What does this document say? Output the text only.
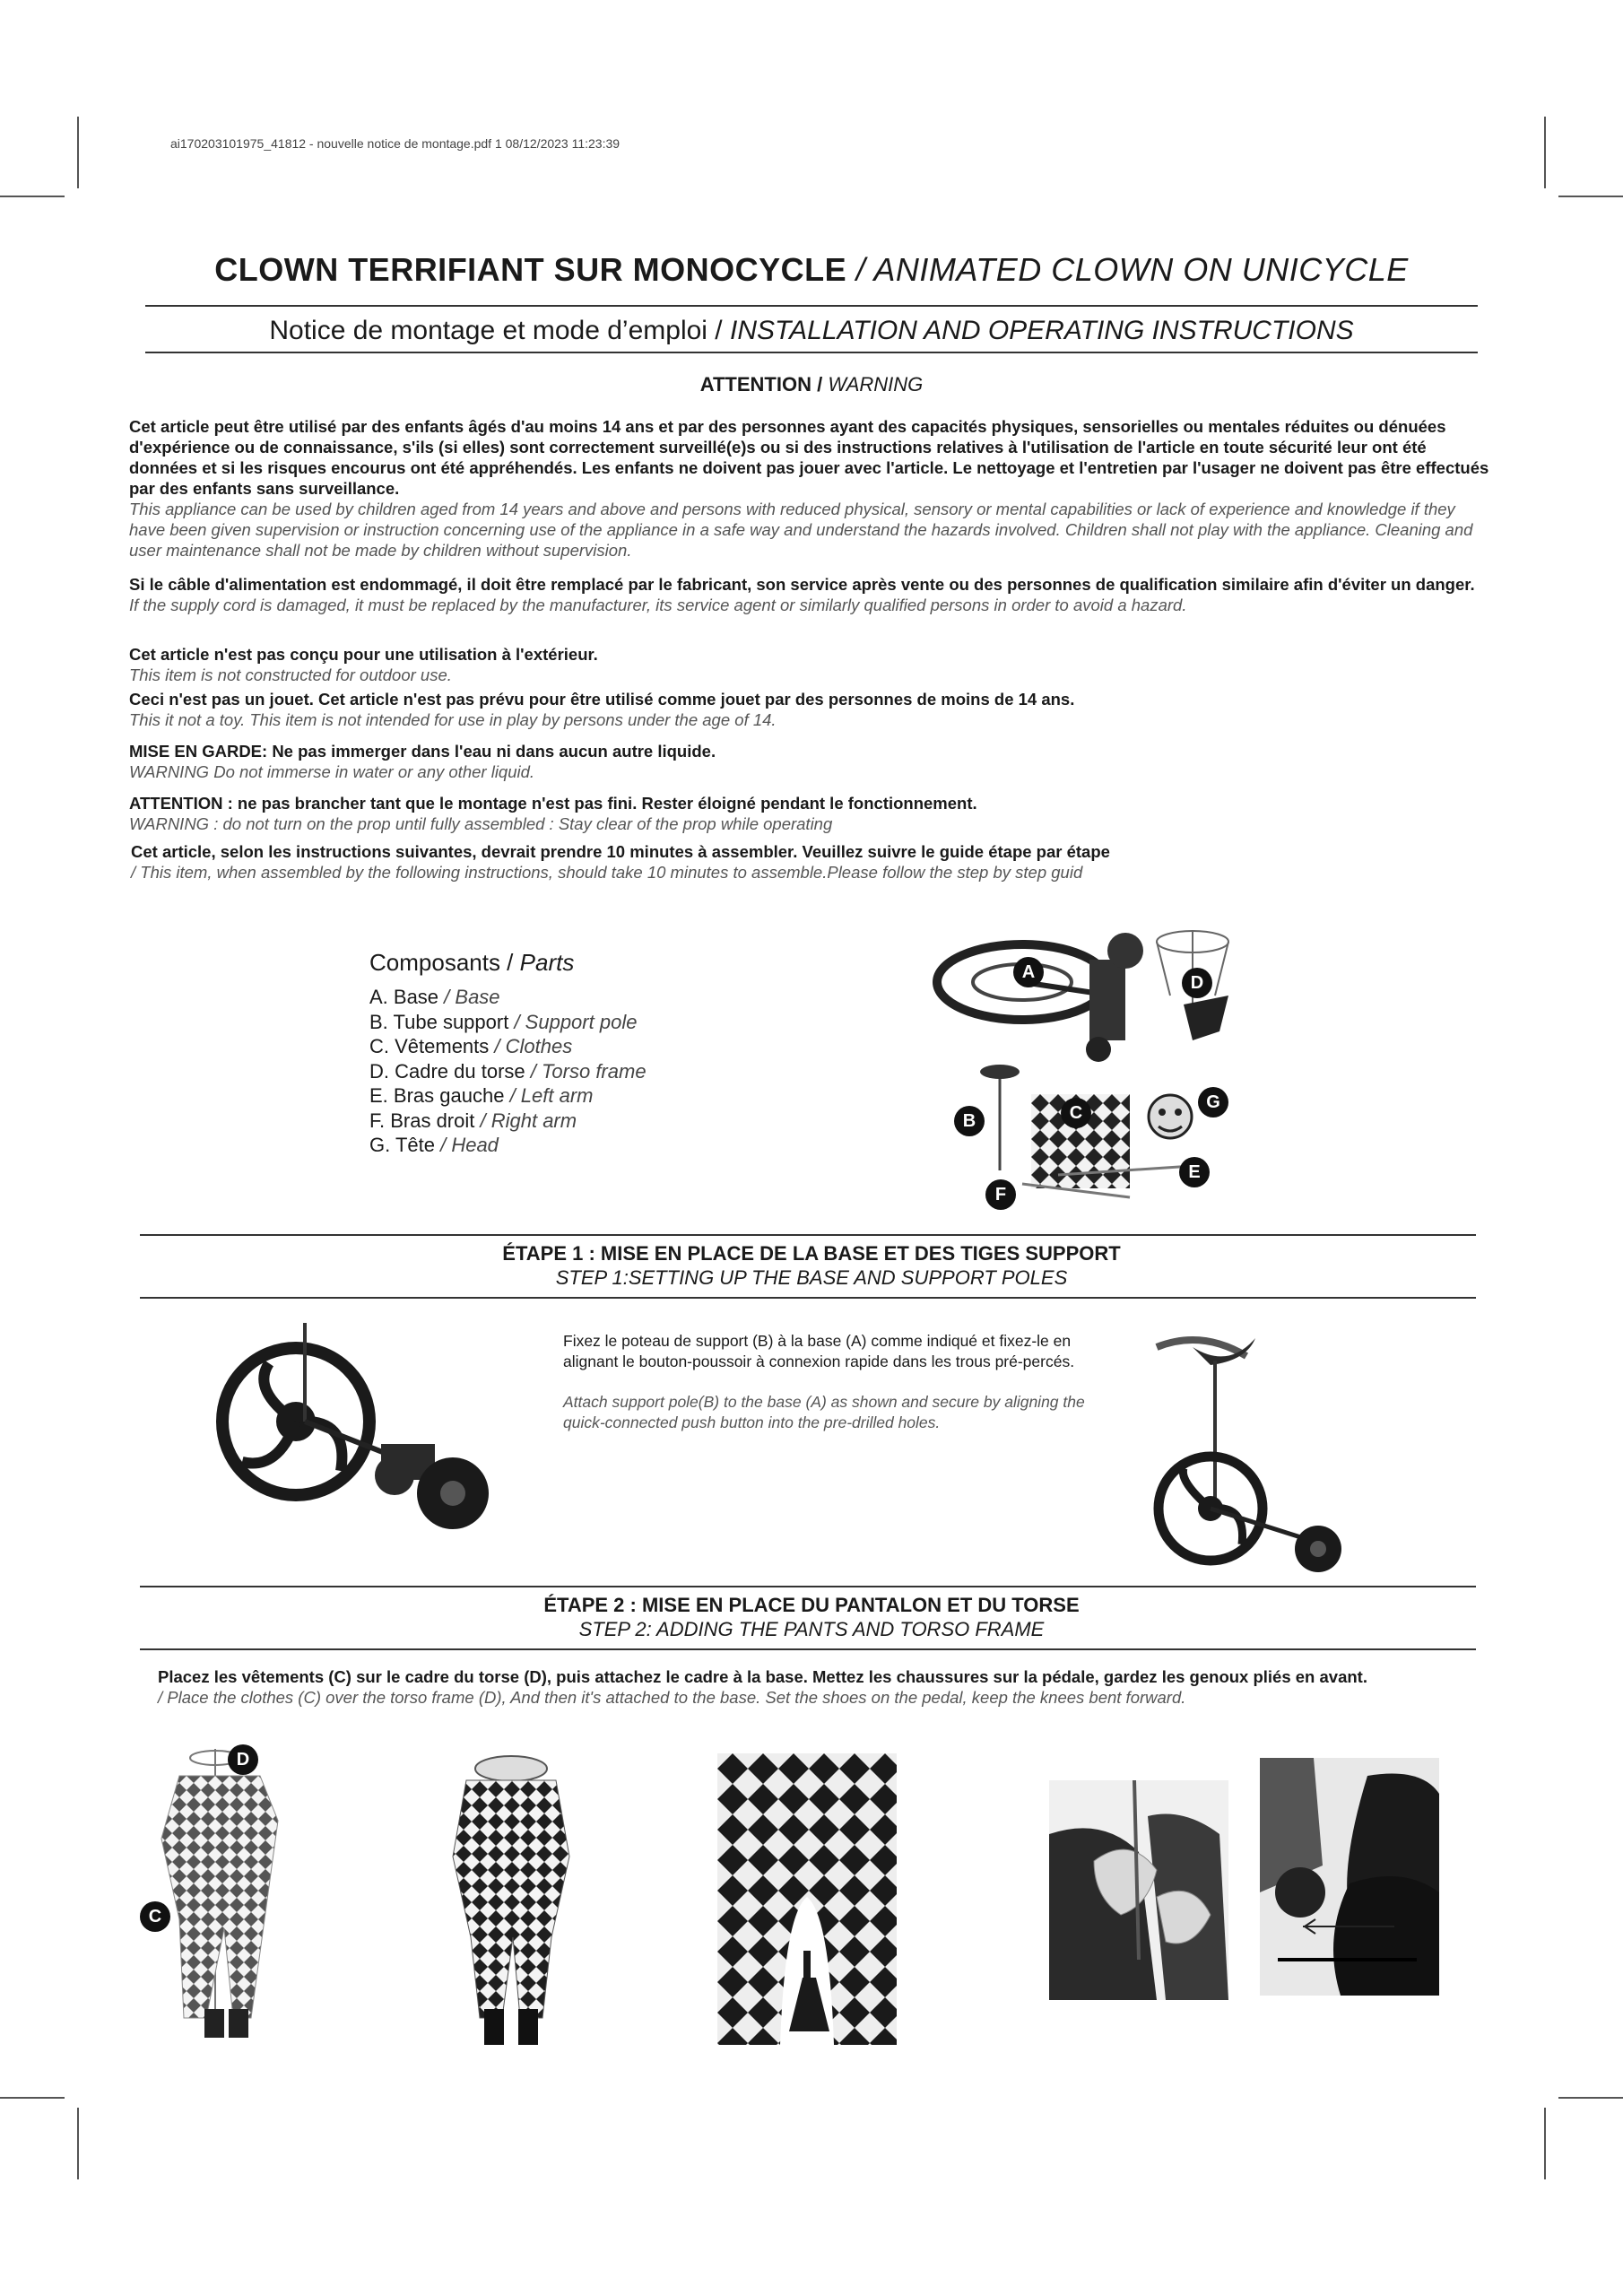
ai170203101975_41812 - nouvelle notice de montage.pdf 1 08/12/2023 11:23:39
CLOWN TERRIFIANT SUR MONOCYCLE / ANIMATED CLOWN ON UNICYCLE
Notice de montage et mode d’emploi / INSTALLATION AND OPERATING INSTRUCTIONS
ATTENTION / WARNING
Cet article peut être utilisé par des enfants âgés d'au moins 14 ans et par des personnes ayant des capacités physiques, sensorielles ou mentales réduites ou dénuées d'expérience ou de connaissance, s'ils (si elles) sont correctement surveillé(e)s ou si des instructions relatives à l'utilisation de l'article en toute sécurité leur ont été données et si les risques encourus ont été appréhendés. Les enfants ne doivent pas jouer avec l'article. Le nettoyage et l'entretien par l'usager ne doivent pas être effectués par des enfants sans surveillance.
This appliance can be used by children aged from 14 years and above and persons with reduced physical, sensory or mental capabilities or lack of experience and knowledge if they have been given supervision or instruction concerning use of the appliance in a safe way and understand the hazards involved. Children shall not play with the appliance. Cleaning and user maintenance shall not be made by children without supervision.
Si le câble d'alimentation est endommagé, il doit être remplacé par le fabricant, son service après vente ou des personnes de qualification similaire afin d'éviter un danger.
If the supply cord is damaged, it must be replaced by the manufacturer, its service agent or similarly qualified persons in order to avoid a hazard.
Cet article n'est pas conçu pour une utilisation à l'extérieur.
This item is not constructed for outdoor use.
Ceci n'est pas un jouet. Cet article n'est pas prévu pour être utilisé comme jouet par des personnes de moins de 14 ans.
This it not a toy. This item is not intended for use in play by persons under the age of 14.
MISE EN GARDE: Ne pas immerger dans l'eau ni dans aucun autre liquide.
WARNING Do not immerse in water or any other liquid.
ATTENTION : ne pas brancher tant que le montage n'est pas fini. Rester éloigné pendant le fonctionnement.
WARNING : do not turn on the prop until fully assembled : Stay clear of the prop while operating
Cet article, selon les instructions suivantes, devrait prendre 10 minutes à assembler. Veuillez suivre le guide étape par étape
/ This item, when assembled by the following instructions, should take 10 minutes to assemble.Please follow the step by step guid
Composants / Parts
A. Base / Base
B. Tube support / Support pole
C. Vêtements / Clothes
D. Cadre du torse / Torso frame
E. Bras gauche / Left arm
F. Bras droit / Right arm
G. Tête / Head
A
B	C
D
E
F
G
ÉTAPE 1 : MISE EN PLACE DE LA BASE ET DES TIGES SUPPORT
STEP 1:SETTING UP THE BASE AND SUPPORT POLES
Fixez le poteau de support (B) à la base (A) comme indiqué et fixez-le en alignant le bouton-poussoir à connexion rapide dans les trous pré-percés.
Attach support pole(B) to the base (A) as shown and secure by aligning the quick-connected push button into the pre-drilled holes.
ÉTAPE 2 : MISE EN PLACE DU PANTALON ET DU TORSE
STEP 2: ADDING THE PANTS AND TORSO FRAME
Placez les vêtements (C) sur le cadre du torse (D), puis attachez le cadre à la base. Mettez les chaussures sur la pédale, gardez les genoux pliés en avant.
/ Place the clothes (C) over the torso frame (D), And then it's attached to the base. Set the shoes on the pedal, keep the knees bent forward.
D
C
